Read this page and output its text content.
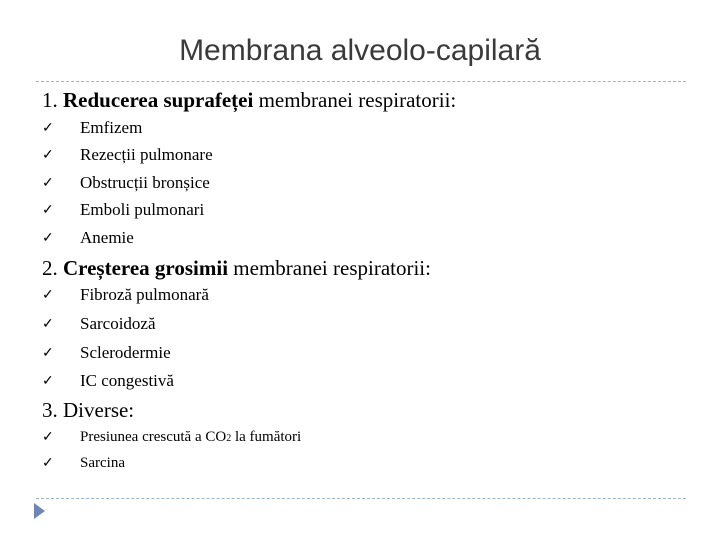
Membrana alveolo-capilară
1. Reducerea suprafeței membranei respiratorii:
✓	Emfizem
✓	Rezecții pulmonare
✓	Obstrucții bronșice
✓	Emboli pulmonari
✓	Anemie
2. Creșterea grosimii membranei respiratorii:
✓	Fibroză pulmonară
✓	Sarcoidoză
✓	Sclerodermie
✓	IC congestivă
3. Diverse:
✓	Presiunea crescută a CO2 la fumători
✓	Sarcina
